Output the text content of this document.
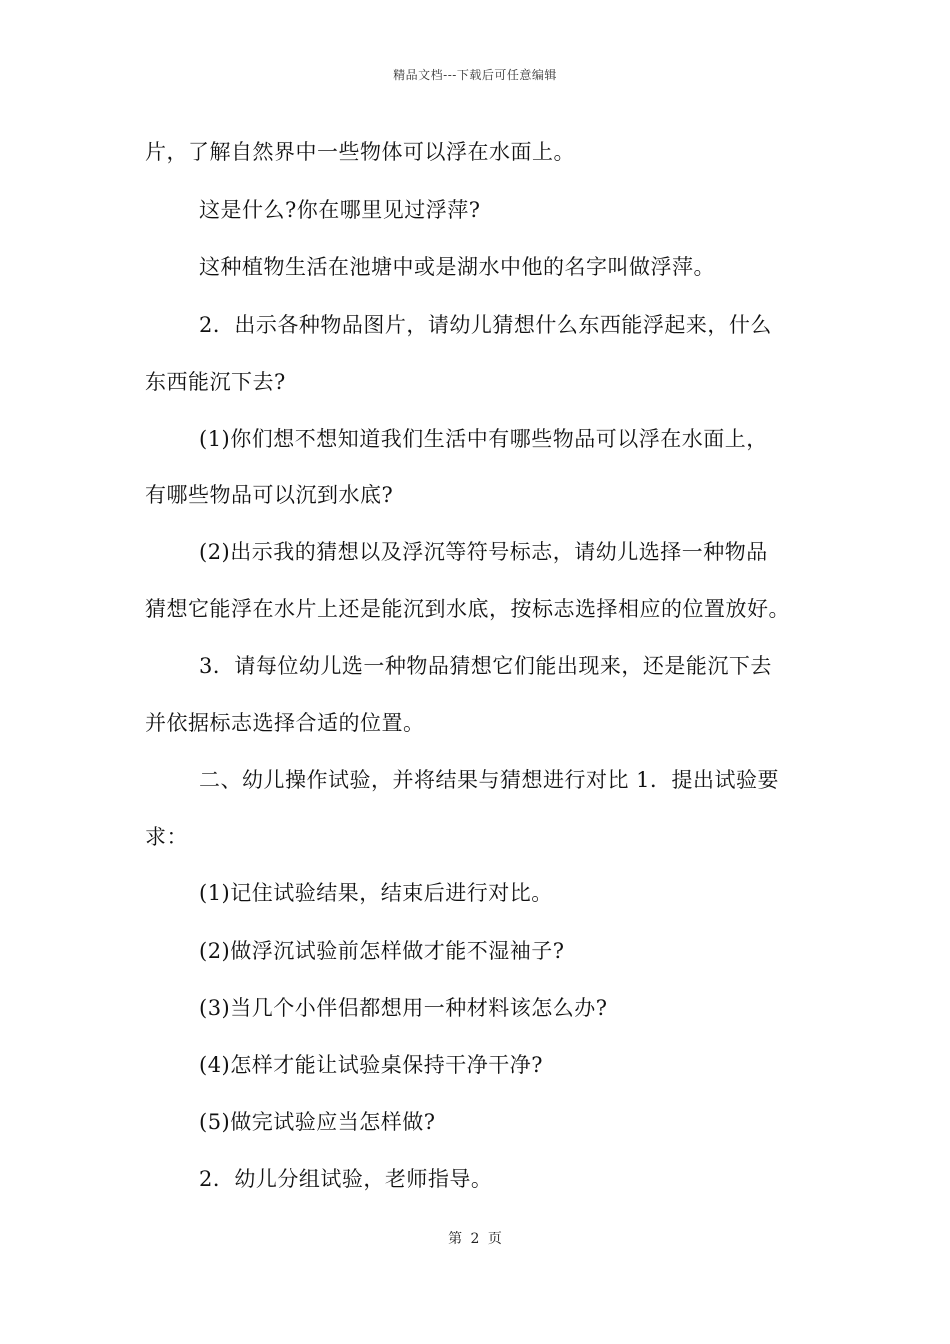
精品文档---下载后可任意编辑
片，了解自然界中一些物体可以浮在水面上。
这是什么?你在哪里见过浮萍?
这种植物生活在池塘中或是湖水中他的名字叫做浮萍。
2．出示各种物品图片，请幼儿猜想什么东西能浮起来，什么
东西能沉下去?
(1)你们想不想知道我们生活中有哪些物品可以浮在水面上，
有哪些物品可以沉到水底?
(2)出示我的猜想以及浮沉等符号标志，请幼儿选择一种物品
猜想它能浮在水片上还是能沉到水底，按标志选择相应的位置放好。
3．请每位幼儿选一种物品猜想它们能出现来，还是能沉下去
并依据标志选择合适的位置。
二、幼儿操作试验，并将结果与猜想进行对比 1．提出试验要
求：
(1)记住试验结果，结束后进行对比。
(2)做浮沉试验前怎样做才能不湿袖子?
(3)当几个小伴侣都想用一种材料该怎么办?
(4)怎样才能让试验桌保持干净干净?
(5)做完试验应当怎样做?
2．幼儿分组试验，老师指导。
第 2 页
